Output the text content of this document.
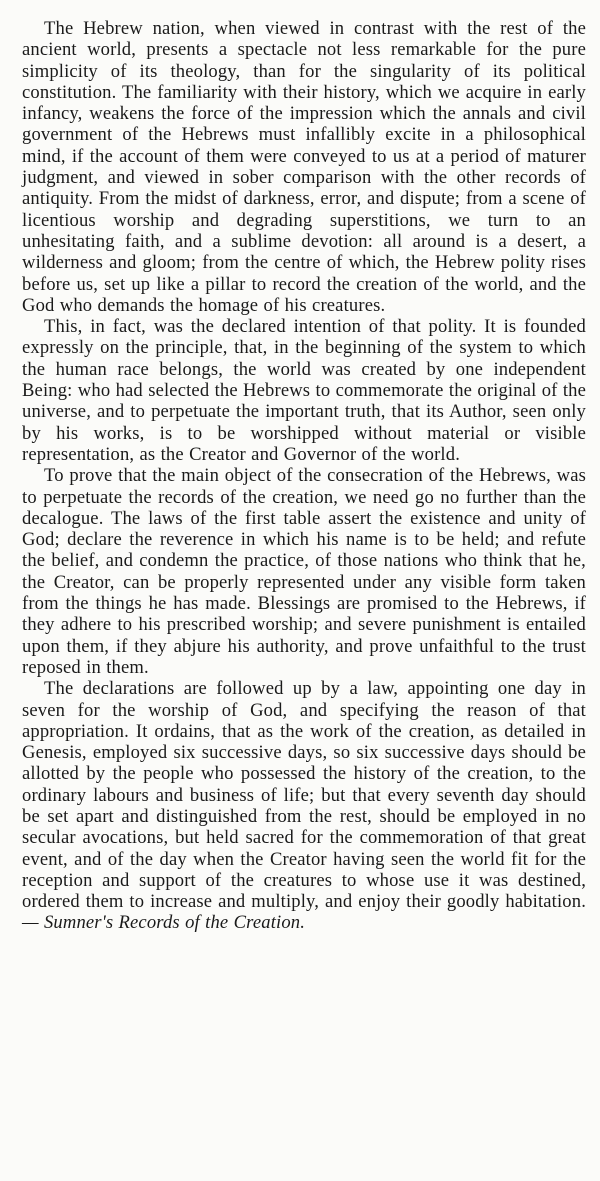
The Hebrew nation, when viewed in contrast with the rest of the ancient world, presents a spectacle not less remarkable for the pure simplicity of its theology, than for the singularity of its political constitution. The familiarity with their history, which we acquire in early infancy, weakens the force of the impression which the annals and civil government of the Hebrews must infallibly excite in a philosophical mind, if the account of them were conveyed to us at a period of maturer judgment, and viewed in sober comparison with the other records of antiquity. From the midst of darkness, error, and dispute; from a scene of licentious worship and degrading superstitions, we turn to an unhesitating faith, and a sublime devotion: all around is a desert, a wilderness and gloom; from the centre of which, the Hebrew polity rises before us, set up like a pillar to record the creation of the world, and the God who demands the homage of his creatures.

This, in fact, was the declared intention of that polity. It is founded expressly on the principle, that, in the beginning of the system to which the human race belongs, the world was created by one independent Being: who had selected the Hebrews to commemorate the original of the universe, and to perpetuate the important truth, that its Author, seen only by his works, is to be worshipped without material or visible representation, as the Creator and Governor of the world.

To prove that the main object of the consecration of the Hebrews, was to perpetuate the records of the creation, we need go no further than the decalogue. The laws of the first table assert the existence and unity of God; declare the reverence in which his name is to be held; and refute the belief, and condemn the practice, of those nations who think that he, the Creator, can be properly represented under any visible form taken from the things he has made. Blessings are promised to the Hebrews, if they adhere to his prescribed worship; and severe punishment is entailed upon them, if they abjure his authority, and prove unfaithful to the trust reposed in them.

The declarations are followed up by a law, appointing one day in seven for the worship of God, and specifying the reason of that appropriation. It ordains, that as the work of the creation, as detailed in Genesis, employed six successive days, so six successive days should be allotted by the people who possessed the history of the creation, to the ordinary labours and business of life; but that every seventh day should be set apart and distinguished from the rest, should be employed in no secular avocations, but held sacred for the commemoration of that great event, and of the day when the Creator having seen the world fit for the reception and support of the creatures to whose use it was destined, ordered them to increase and multiply, and enjoy their goodly habitation. — Sumner's Records of the Creation.
